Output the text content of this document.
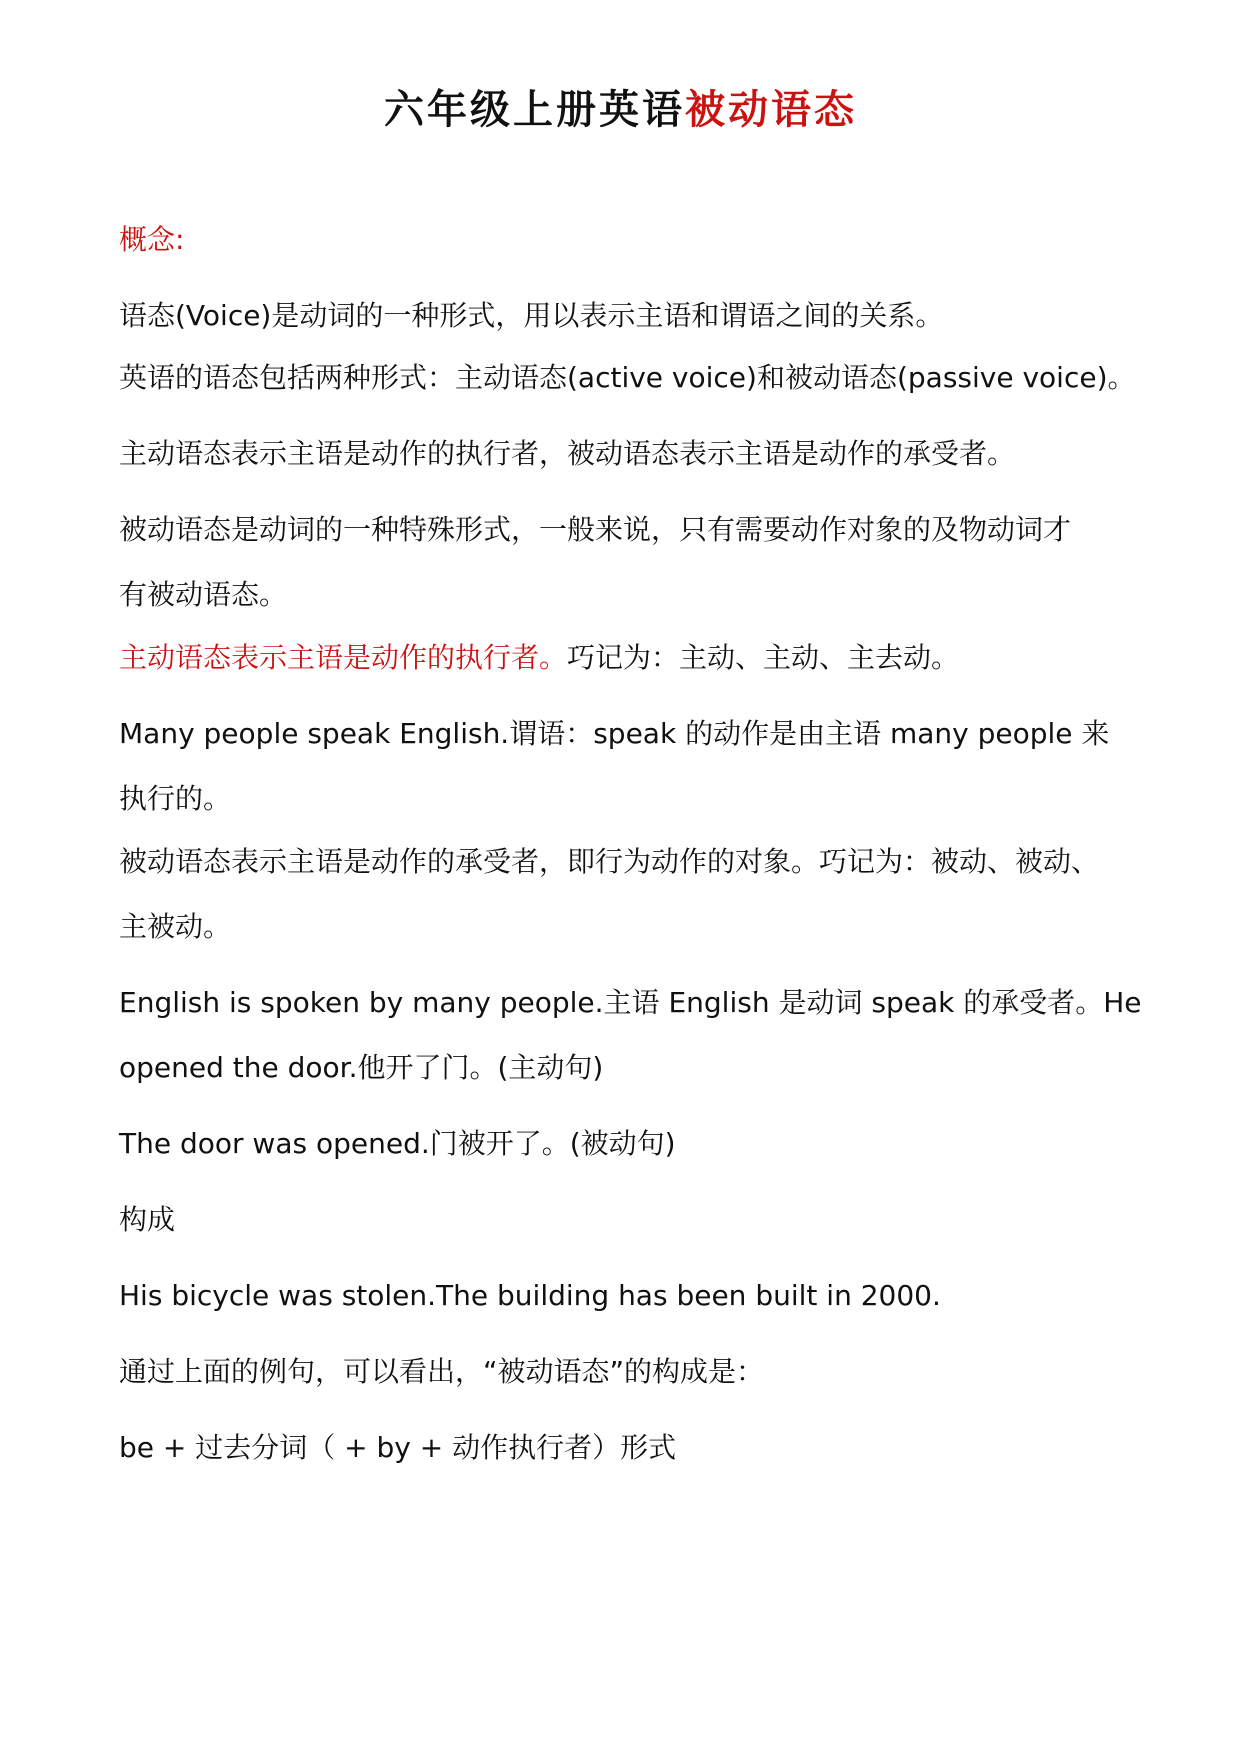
六年级上册英语被动语态
概念:
语态(Voice)是动词的一种形式，用以表示主语和谓语之间的关系。
英语的语态包括两种形式：主动语态(active voice)和被动语态(passive voice)。
主动语态表示主语是动作的执行者，被动语态表示主语是动作的承受者。
被动语态是动词的一种特殊形式，一般来说，只有需要动作对象的及物动词才
有被动语态。
主动语态表示主语是动作的执行者。巧记为：主动、主动、主去动。
Many people speak English.谓语：speak 的动作是由主语 many people 来
执行的。
被动语态表示主语是动作的承受者，即行为动作的对象。巧记为：被动、被动、
主被动。
English is spoken by many people.主语 English 是动词 speak 的承受者。He
opened the door.他开了门。(主动句)
The door was opened.门被开了。(被动句)
构成
His bicycle was stolen.The building has been built in 2000.
通过上面的例句，可以看出，“被动语态”的构成是：
be + 过去分词（ + by + 动作执行者）形式
